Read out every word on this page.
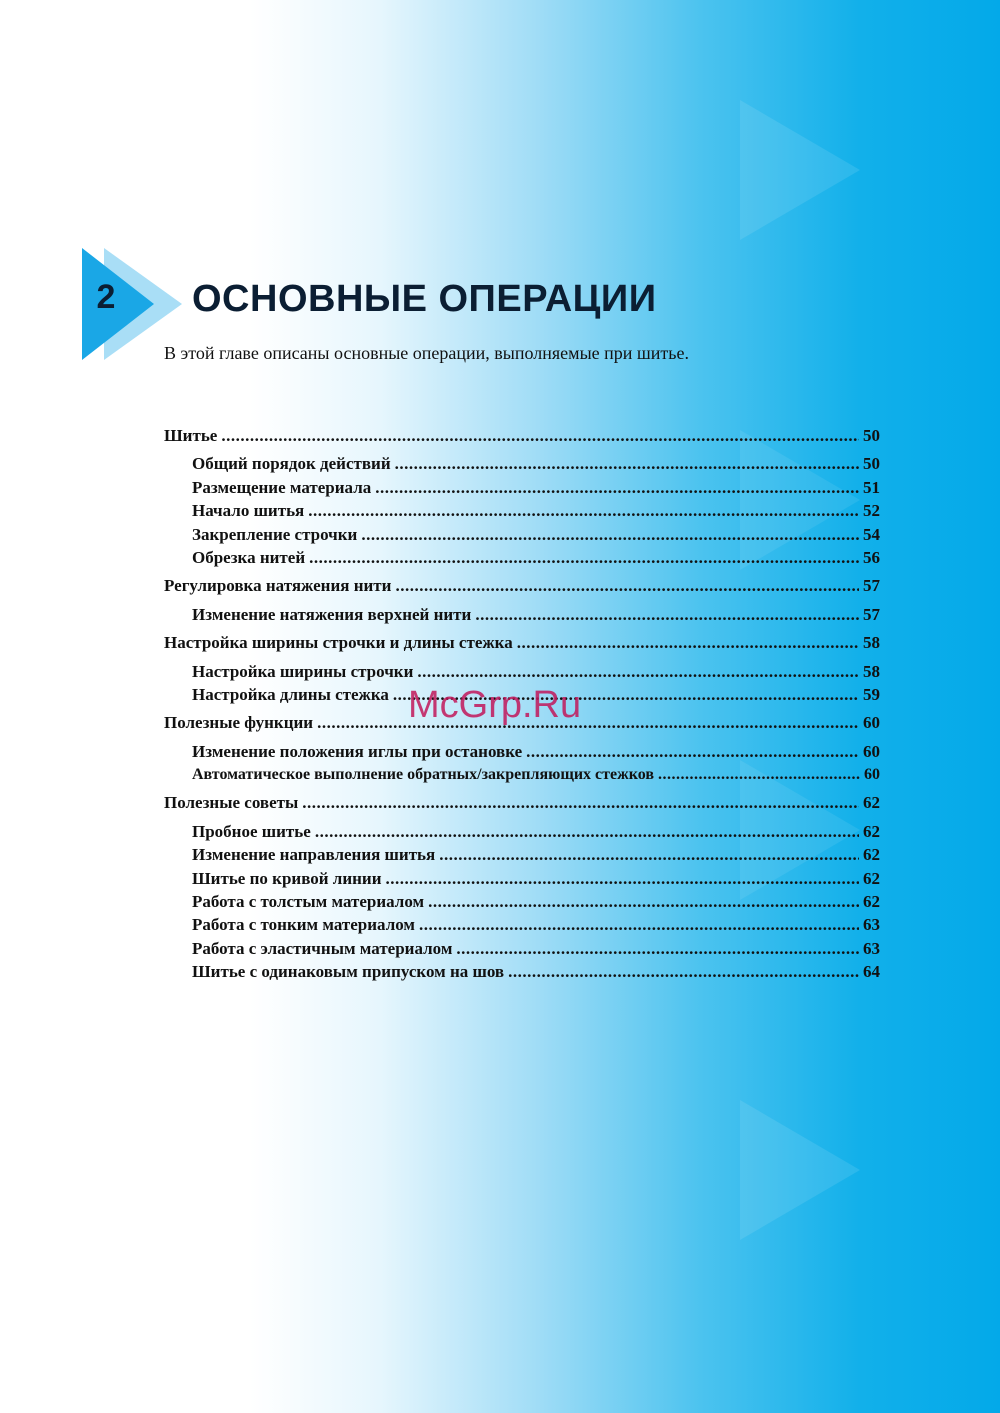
2	ОСНОВНЫЕ ОПЕРАЦИИ
В этой главе описаны основные операции, выполняемые при шитье.
Шитье .....	50
Общий порядок действий .....	50
Размещение материала .....	51
Начало шитья .....	52
Закрепление строчки .....	54
Обрезка нитей .....	56
Регулировка натяжения нити .....	57
Изменение натяжения верхней нити .....	57
Настройка ширины строчки и длины стежка .....	58
Настройка ширины строчки .....	58
Настройка длины стежка .....	59
Полезные функции .....	60
Изменение положения иглы при остановке .....	60
Автоматическое выполнение обратных/закрепляющих стежков .....	60
Полезные советы .....	62
Пробное шитье .....	62
Изменение направления шитья .....	62
Шитье по кривой линии .....	62
Работа с толстым материалом .....	62
Работа с тонким материалом .....	63
Работа с эластичным материалом .....	63
Шитье с одинаковым припуском на шов .....	64
McGrp.Ru
